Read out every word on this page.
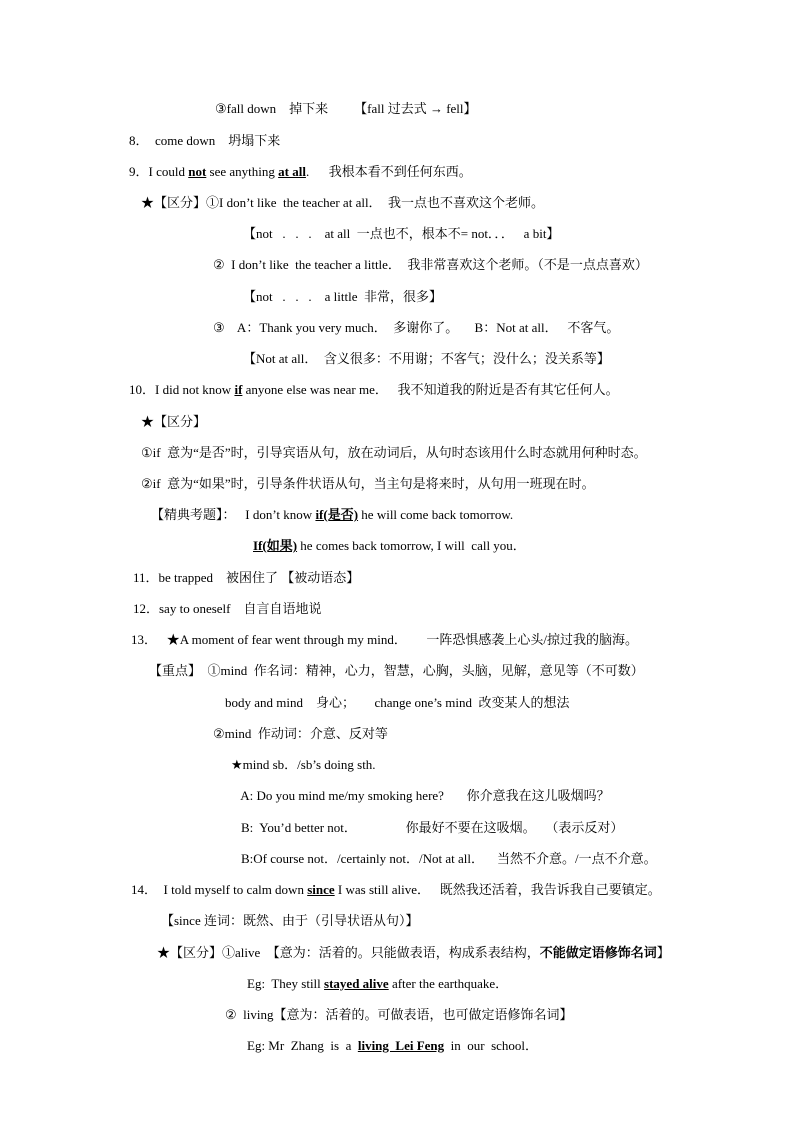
③fall down    掉下来        【fall 过去式 → fell】

8．  come down    坍塌下来

9．I could not see anything at all.      我根本看不到任何东西。

★【区分】①I don’t like  the teacher at all．  我一点也不喜欢这个老师。

【not   .   .   .    at all  一点也不，根本不= not．．．   a bit】

②  I don’t like  the teacher a little．  我非常喜欢这个老师。（不是一点点喜欢）

【not   .   .   .    a little  非常，很多】

③    A：Thank you very much．  多谢你了。     B：Not at all．   不客气。

【Not at all．  含义很多：不用谢；不客气；没什么；没关系等】

10．I did not know if anyone else was near me．   我不知道我的附近是否有其它任何人。

★【区分】

①if  意为“是否”时，引导宾语从句，放在动词后，从句时态该用什么时态就用何种时态。

②if  意为“如果”时，引导条件状语从句，当主句是将来时，从句用一班现在时。

【精典考题】：   I don’t know if(是否) he will come back tomorrow.

If(如果) he comes back tomorrow, I will  call you．

11．be trapped    被困住了 【被动语态】

12．say to oneself    自言自语地说

13．   ★A moment of fear went through my mind．      一阵恐惧感袭上心头/掠过我的脑海。

【重点】  ①mind  作名词：精神，心力，智慧，心胸，头脑，见解，意见等（不可数）

body and mind    身心；      change one’s mind  改变某人的想法

②mind  作动词：介意、反对等

★mind sb．/sb’s doing sth.

A: Do you mind me/my smoking here?       你介意我在这儿吸烟吗？

B:  You’d better not．               你最好不要在这吸烟。   （表示反对）

B:Of course not．/certainly not．/Not at all．    当然不介意。/一点不介意。

14．  I told myself to calm down since I was still alive．   既然我还活着，我告诉我自己要镇定。

【since 连词：既然、由于（引导状语从句）】

★【区分】①alive  【意为：活着的。只能做表语，构成系表结构，不能做定语修饰名词】

Eg:  They still stayed alive after the earthquake．

②  living【意为：活着的。可做表语，也可做定语修饰名词】

Eg: Mr  Zhang  is  a  living  Lei Feng  in  our  school．
